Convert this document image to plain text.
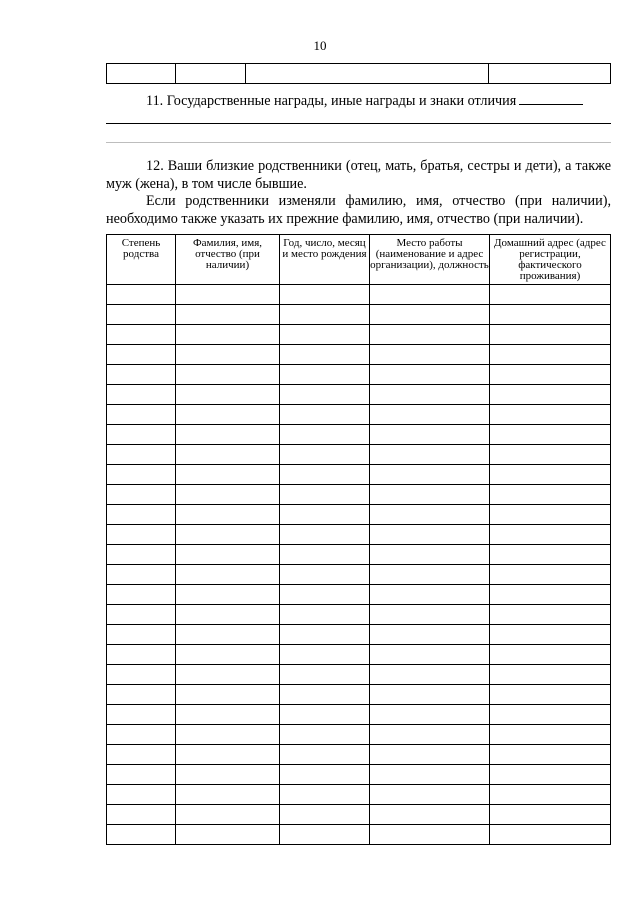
10

11. Государственные награды, иные награды и знаки отличия

12. Ваши близкие родственники (отец, мать, братья, сестры и дети), а также муж (жена), в том числе бывшие.

Если родственники изменяли фамилию, имя, отчество (при наличии), необходимо также указать их прежние фамилию, имя, отчество (при наличии).

Степень родства	Фамилия, имя, отчество (при наличии)	Год, число, месяц и место рождения	Место работы (наименование и адрес организации), должность	Домашний адрес (адрес регистрации, фактического проживания)
